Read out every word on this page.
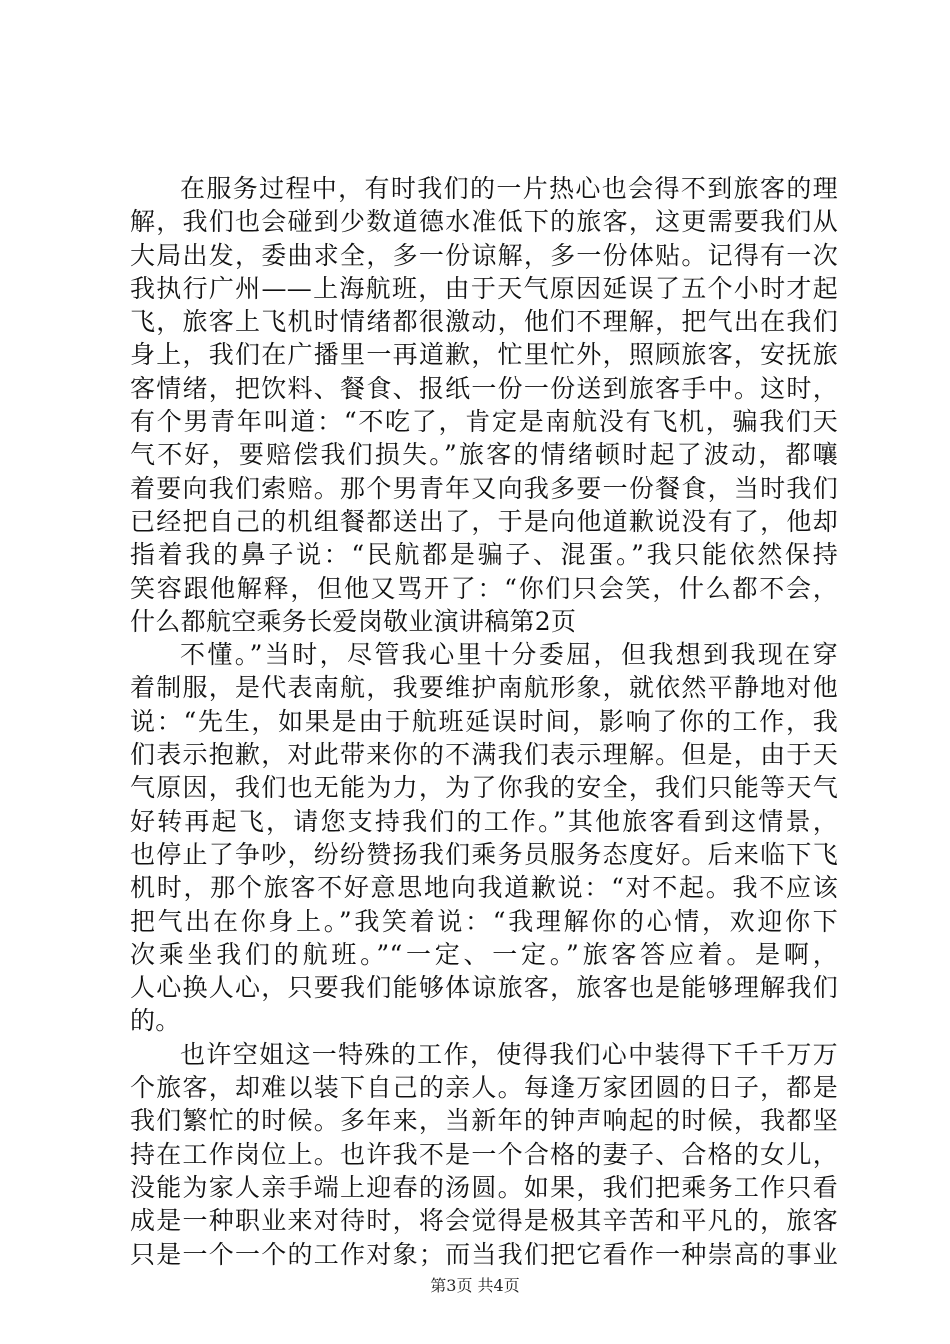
在服务过程中，有时我们的一片热心也会得不到旅客的理
解，我们也会碰到少数道德水准低下的旅客，这更需要我们从
大局出发，委曲求全，多一份谅解，多一份体贴。记得有一次
我执行广州——上海航班，由于天气原因延误了五个小时才起
飞，旅客上飞机时情绪都很激动，他们不理解，把气出在我们
身上，我们在广播里一再道歉，忙里忙外，照顾旅客，安抚旅
客情绪，把饮料、餐食、报纸一份一份送到旅客手中。这时，
有个男青年叫道：“不吃了，肯定是南航没有飞机，骗我们天
气不好，要赔偿我们损失。”旅客的情绪顿时起了波动，都嚷
着要向我们索赔。那个男青年又向我多要一份餐食，当时我们
已经把自己的机组餐都送出了，于是向他道歉说没有了，他却
指着我的鼻子说：“民航都是骗子、混蛋。”我只能依然保持
笑容跟他解释，但他又骂开了：“你们只会笑，什么都不会，
什么都航空乘务长爱岗敬业演讲稿第2页
不懂。”当时，尽管我心里十分委屈，但我想到我现在穿
着制服，是代表南航，我要维护南航形象，就依然平静地对他
说：“先生，如果是由于航班延误时间，影响了你的工作，我
们表示抱歉，对此带来你的不满我们表示理解。但是，由于天
气原因，我们也无能为力，为了你我的安全，我们只能等天气
好转再起飞，请您支持我们的工作。”其他旅客看到这情景，
也停止了争吵，纷纷赞扬我们乘务员服务态度好。后来临下飞
机时，那个旅客不好意思地向我道歉说：“对不起。我不应该
把气出在你身上。”我笑着说：“我理解你的心情，欢迎你下
次乘坐我们的航班。”“一定、一定。”旅客答应着。是啊，
人心换人心，只要我们能够体谅旅客，旅客也是能够理解我们
的。
也许空姐这一特殊的工作，使得我们心中装得下千千万万
个旅客，却难以装下自己的亲人。每逢万家团圆的日子，都是
我们繁忙的时候。多年来，当新年的钟声响起的时候，我都坚
持在工作岗位上。也许我不是一个合格的妻子、合格的女儿，
没能为家人亲手端上迎春的汤圆。如果，我们把乘务工作只看
成是一种职业来对待时，将会觉得是极其辛苦和平凡的，旅客
只是一个一个的工作对象；而当我们把它看作一种崇高的事业
第3页 共4页
